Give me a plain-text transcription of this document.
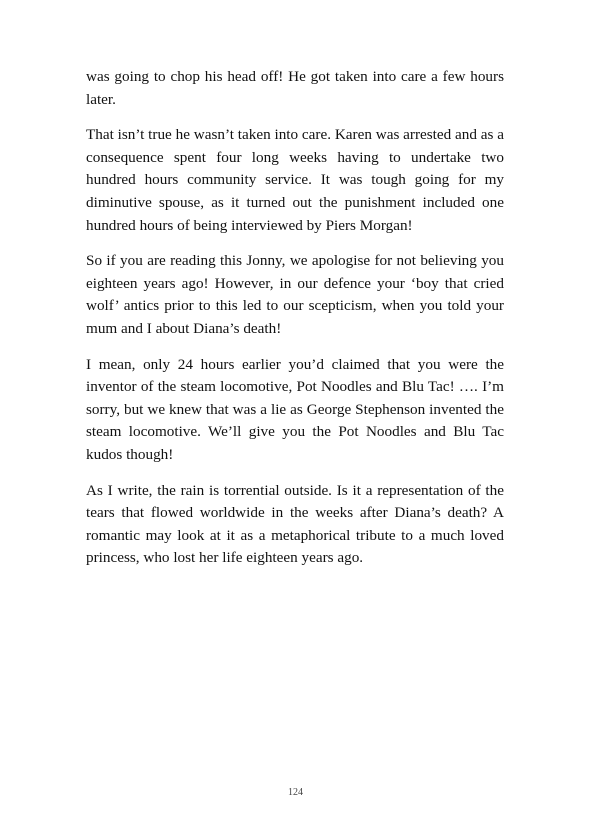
was going to chop his head off! He got taken into care a few hours later.

That isn’t true he wasn’t taken into care. Karen was arrested and as a consequence spent four long weeks having to undertake two hundred hours community service. It was tough going for my diminutive spouse, as it turned out the punishment included one hundred hours of being interviewed by Piers Morgan!

So if you are reading this Jonny, we apologise for not believing you eighteen years ago! However, in our defence your ‘boy that cried wolf’ antics prior to this led to our scepticism, when you told your mum and I about Diana’s death!

I mean, only 24 hours earlier you’d claimed that you were the inventor of the steam locomotive, Pot Noodles and Blu Tac! …. I’m sorry, but we knew that was a lie as George Stephenson invented the steam locomotive. We’ll give you the Pot Noodles and Blu Tac kudos though!

As I write, the rain is torrential outside. Is it a representation of the tears that flowed worldwide in the weeks after Diana’s death? A romantic may look at it as a metaphorical tribute to a much loved princess, who lost her life eighteen years ago.

124
